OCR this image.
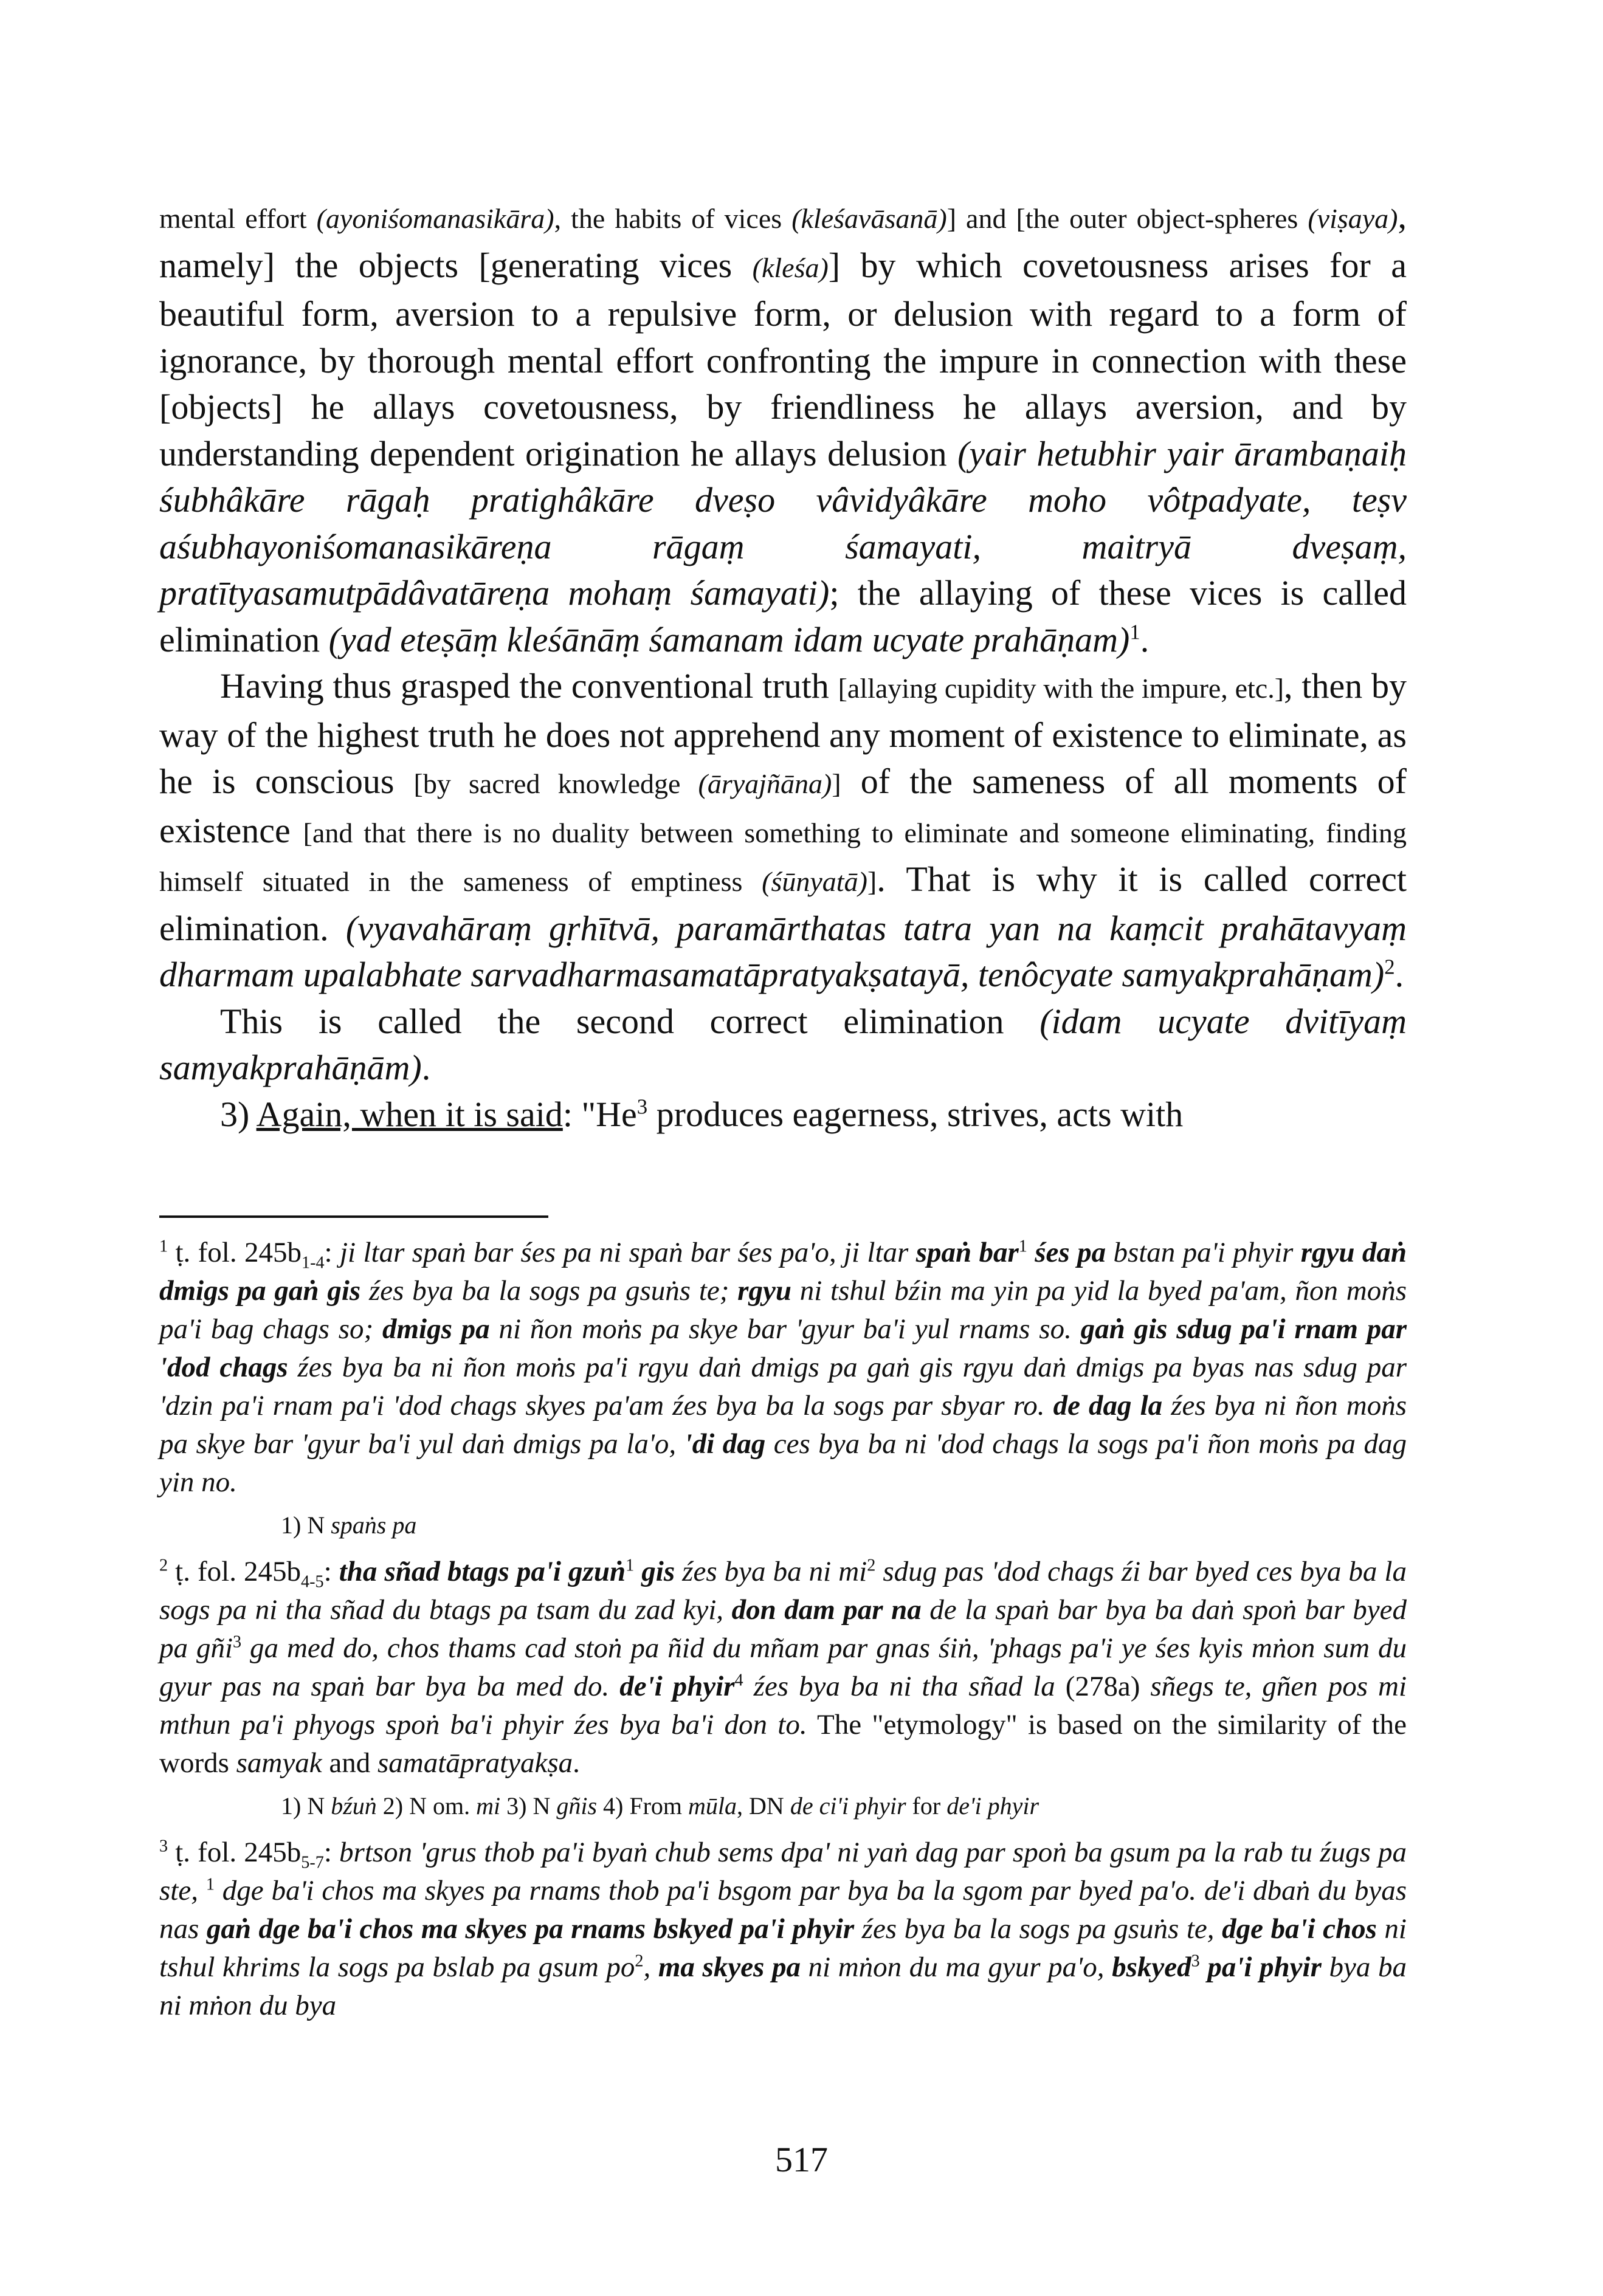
mental effort (ayoniśomanasikāra), the habits of vices (kleśavāsanā)] and [the outer object-spheres (viṣaya), namely] the objects [generating vices (kleśa)] by which covetousness arises for a beautiful form, aversion to a repulsive form, or delusion with regard to a form of ignorance, by thorough mental effort confronting the impure in connection with these [objects] he allays covetousness, by friendliness he allays aversion, and by understanding dependent origination he allays delusion (yair hetubhir yair ārambaṇaiḥ śubhâkāre rāgaḥ pratighâkāre dveṣo vâvidyâkāre moho vôtpadyate, teṣv aśubhayoniśomanasikāreṇa rāgaṃ śamayati, maitryā dveṣaṃ, pratītyasamutpādâvatāreṇa mohaṃ śamayati); the allaying of these vices is called elimination (yad eteṣāṃ kleśānāṃ śamanam idam ucyate prahāṇam)$^1$.

Having thus grasped the conventional truth [allaying cupidity with the impure, etc.], then by way of the highest truth he does not apprehend any moment of existence to eliminate, as he is conscious [by sacred knowledge (āryajñāna)] of the sameness of all moments of existence [and that there is no duality between something to eliminate and someone eliminating, finding himself situated in the sameness of emptiness (śūnyatā)]. That is why it is called correct elimination. (vyavahāraṃ gṛhītvā, paramārthatas tatra yan na kaṃcit prahātavyaṃ dharmam upalabhate sarvadharmasamatāpratyakṣatayā, tenôcyate samyakprahāṇam)$^2$.

This is called the second correct elimination (idam ucyate dvitīyaṃ samyakprahāṇām).

3) Again, when it is said: "He$^3$ produces eagerness, strives, acts with

$^1$ ṭ. fol. $245b_{1-4}$: ji ltar spaṅ bar śes pa ni spaṅ bar śes pa'o, ji ltar spaṅ bar$^1$ śes pa bstan pa'i phyir rgyu daṅ dmigs pa gaṅ gis źes bya ba la sogs pa gsuṅs te; rgyu ni tshul bźin ma yin pa yid la byed pa'am, ñon moṅs pa'i bag chags so; dmigs pa ni ñon moṅs pa skye bar 'gyur ba'i yul rnams so. gaṅ gis sdug pa'i rnam par 'dod chags źes bya ba ni ñon moṅs pa'i rgyu daṅ dmigs pa gaṅ gis rgyu daṅ dmigs pa byas nas sdug par 'dzin pa'i rnam pa'i 'dod chags skyes pa'am źes bya ba la sogs par sbyar ro. de dag la źes bya ni ñon moṅs pa skye bar 'gyur ba'i yul daṅ dmigs pa la'o, 'di dag ces bya ba ni 'dod chags la sogs pa'i ñon moṅs pa dag yin no.

1) N spaṅs pa

$^2$ ṭ. fol. $245b_{4-5}$: tha sñad btags pa'i gzuṅ$^1$ gis źes bya ba ni $mi^2$ sdug pas 'dod chags źi bar byed ces bya ba la sogs pa ni tha sñad du btags pa tsam du zad kyi, don dam par na de la spaṅ bar bya ba daṅ spoṅ bar byed pa gñi$^3$ ga med do, chos thams cad stoṅ pa ñid du mñam par gnas śiṅ, 'phags pa'i ye śes kyis mṅon sum du gyur pas na spaṅ bar bya ba med do. de'i phyir$^4$ źes bya ba ni tha sñad la (278a) sñegs te, gñen pos mi mthun pa'i phyogs spoṅ ba'i phyir źes bya ba'i don to. The "etymology" is based on the similarity of the words samyak and samatāpratyakṣa.

1) N bźuṅ 2) N om. mi 3) N gñis 4) From mūla, DN de ci'i phyir for de'i phyir

$^3$ ṭ. fol. $245b_{5-7}$: brtson 'grus thob pa'i byaṅ chub sems dpa' ni yaṅ dag par spoṅ ba gsum pa la rab tu źugs pa ste, $^1$ dge ba'i chos ma skyes pa rnams thob pa'i bsgom par bya ba la sgom par byed pa'o. de'i dbaṅ du byas nas gaṅ dge ba'i chos ma skyes pa rnams bskyed pa'i phyir źes bya ba la sogs pa gsuṅs te, dge ba'i chos ni tshul khrims la sogs pa bslab pa gsum $po^2$, ma skyes pa ni mṅon du ma gyur pa'o, bskyed$^3$ pa'i phyir bya ba ni mṅon du bya

517
